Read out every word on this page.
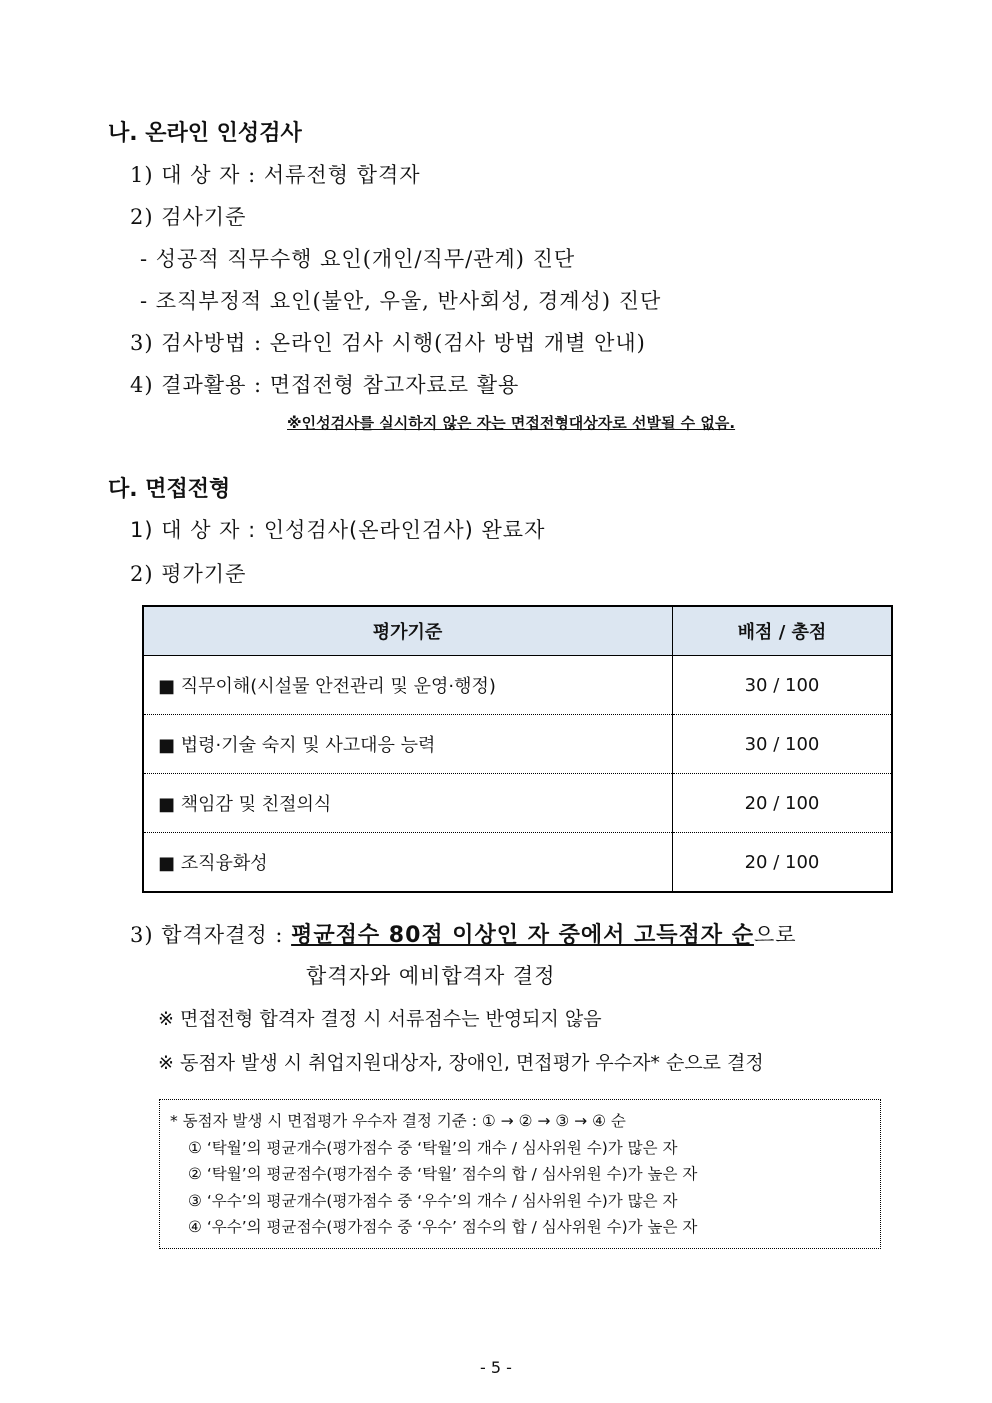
나. 온라인 인성검사
1) 대 상 자 : 서류전형 합격자
2) 검사기준
- 성공적 직무수행 요인(개인/직무/관계) 진단
- 조직부정적 요인(불안, 우울, 반사회성, 경계성) 진단
3) 검사방법 : 온라인 검사 시행(검사 방법 개별 안내)
4) 결과활용 : 면접전형 참고자료로 활용
※인성검사를 실시하지 않은 자는 면접전형대상자로 선발될 수 없음.
다. 면접전형
1) 대 상 자 : 인성검사(온라인검사) 완료자
2) 평가기준
평가기준	배점 / 총점
■ 직무이해(시설물 안전관리 및 운영·행정)	30 / 100
■ 법령·기술 숙지 및 사고대응 능력	30 / 100
■ 책임감 및 친절의식	20 / 100
■ 조직융화성	20 / 100
3) 합격자결정 : 평균점수 80점 이상인 자 중에서 고득점자 순으로
합격자와 예비합격자 결정
※ 면접전형 합격자 결정 시 서류점수는 반영되지 않음
※ 동점자 발생 시 취업지원대상자, 장애인, 면접평가 우수자* 순으로 결정
* 동점자 발생 시 면접평가 우수자 결정 기준 : ① → ② → ③ → ④ 순
① ‘탁월’의 평균개수(평가점수 중 ‘탁월’의 개수 / 심사위원 수)가 많은 자
② ‘탁월’의 평균점수(평가점수 중 ‘탁월’ 점수의 합 / 심사위원 수)가 높은 자
③ ‘우수’의 평균개수(평가점수 중 ‘우수’의 개수 / 심사위원 수)가 많은 자
④ ‘우수’의 평균점수(평가점수 중 ‘우수’ 점수의 합 / 심사위원 수)가 높은 자
- 5 -
